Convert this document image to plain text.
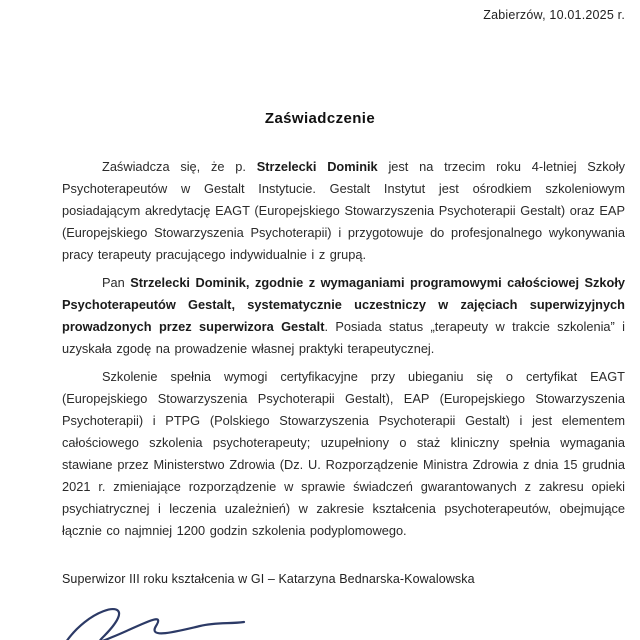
Zabierzów, 10.01.2025 r.
Zaświadczenie

Zaświadcza się, że p. Strzelecki Dominik jest na trzecim roku 4-letniej Szkoły Psychoterapeutów w Gestalt Instytucie. Gestalt Instytut jest ośrodkiem szkoleniowym posiadającym akredytację EAGT (Europejskiego Stowarzyszenia Psychoterapii Gestalt) oraz EAP (Europejskiego Stowarzyszenia Psychoterapii) i przygotowuje do profesjonalnego wykonywania pracy terapeuty pracującego indywidualnie i z grupą.

Pan Strzelecki Dominik, zgodnie z wymaganiami programowymi całościowej Szkoły Psychoterapeutów Gestalt, systematycznie uczestniczy w zajęciach superwizyjnych prowadzonych przez superwizora Gestalt. Posiada status „terapeuty w trakcie szkolenia” i uzyskała zgodę na prowadzenie własnej praktyki terapeutycznej.

Szkolenie spełnia wymogi certyfikacyjne przy ubieganiu się o certyfikat EAGT (Europejskiego Stowarzyszenia Psychoterapii Gestalt), EAP (Europejskiego Stowarzyszenia Psychoterapii) i PTPG (Polskiego Stowarzyszenia Psychoterapii Gestalt) i jest elementem całościowego szkolenia psychoterapeuty; uzupełniony o staż kliniczny spełnia wymagania stawiane przez Ministerstwo Zdrowia (Dz. U. Rozporządzenie Ministra Zdrowia z dnia 15 grudnia 2021 r. zmieniające rozporządzenie w sprawie świadczeń gwarantowanych z zakresu opieki psychiatrycznej i leczenia uzależnień) w zakresie kształcenia psychoterapeutów, obejmujące łącznie co najmniej 1200 godzin szkolenia podyplomowego.

Superwizor III roku kształcenia w GI – Katarzyna Bednarska-Kowalowska
